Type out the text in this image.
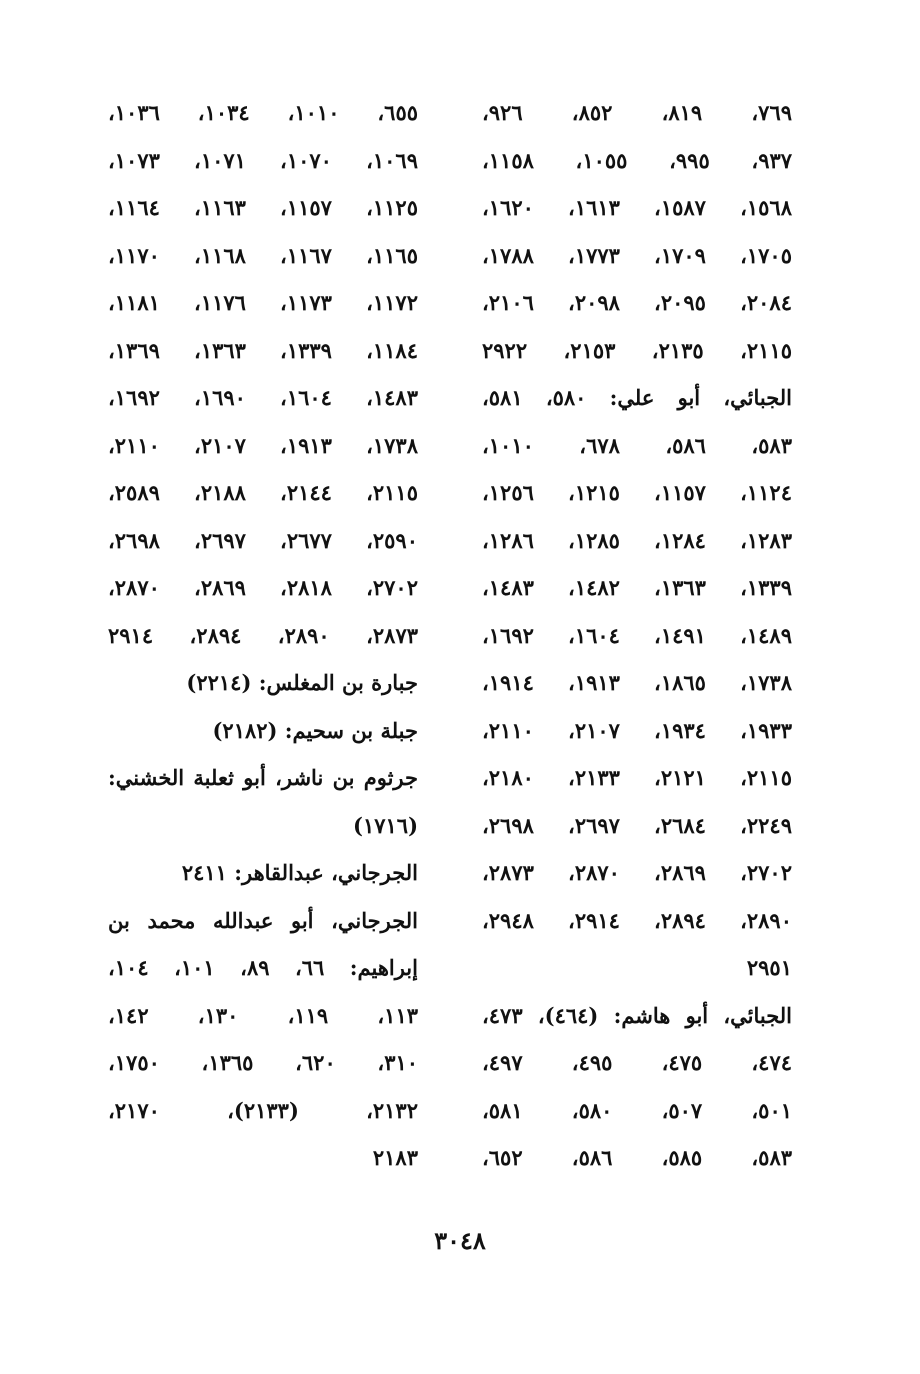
٧٦٩، ٨١٩، ٨٥٢، ٩٢٦،
٩٣٧، ٩٩٥، ١٠٥٥، ١١٥٨،
١٥٦٨، ١٥٨٧، ١٦١٣، ١٦٢٠،
١٧٠٥، ١٧٠٩، ١٧٧٣، ١٧٨٨،
٢٠٨٤، ٢٠٩٥، ٢٠٩٨، ٢١٠٦،
٢١١٥، ٢١٣٥، ٢١٥٣، ٢٩٢٢
الجبائي، أبو علي: ٥٨٠، ٥٨١،
٥٨٣، ٥٨٦، ٦٧٨، ١٠١٠،
١١٢٤، ١١٥٧، ١٢١٥، ١٢٥٦،
١٢٨٣، ١٢٨٤، ١٢٨٥، ١٢٨٦،
١٣٣٩، ١٣٦٣، ١٤٨٢، ١٤٨٣،
١٤٨٩، ١٤٩١، ١٦٠٤، ١٦٩٢،
١٧٣٨، ١٨٦٥، ١٩١٣، ١٩١٤،
١٩٣٣، ١٩٣٤، ٢١٠٧، ٢١١٠،
٢١١٥، ٢١٢١، ٢١٣٣، ٢١٨٠،
٢٢٤٩، ٢٦٨٤، ٢٦٩٧، ٢٦٩٨،
٢٧٠٢، ٢٨٦٩، ٢٨٧٠، ٢٨٧٣،
٢٨٩٠، ٢٨٩٤، ٢٩١٤، ٢٩٤٨،
٢٩٥١
الجبائي، أبو هاشم: (٤٦٤)، ٤٧٣،
٤٧٤، ٤٧٥، ٤٩٥، ٤٩٧،
٥٠١، ٥٠٧، ٥٨٠، ٥٨١،
٥٨٣، ٥٨٥، ٥٨٦، ٦٥٢،
٦٥٥، ١٠١٠، ١٠٣٤، ١٠٣٦،
١٠٦٩، ١٠٧٠، ١٠٧١، ١٠٧٣،
١١٢٥، ١١٥٧، ١١٦٣، ١١٦٤،
١١٦٥، ١١٦٧، ١١٦٨، ١١٧٠،
١١٧٢، ١١٧٣، ١١٧٦، ١١٨١،
١١٨٤، ١٣٣٩، ١٣٦٣، ١٣٦٩،
١٤٨٣، ١٦٠٤، ١٦٩٠، ١٦٩٢،
١٧٣٨، ١٩١٣، ٢١٠٧، ٢١١٠،
٢١١٥، ٢١٤٤، ٢١٨٨، ٢٥٨٩،
٢٥٩٠، ٢٦٧٧، ٢٦٩٧، ٢٦٩٨،
٢٧٠٢، ٢٨١٨، ٢٨٦٩، ٢٨٧٠،
٢٨٧٣، ٢٨٩٠، ٢٨٩٤، ٢٩١٤
جبارة بن المغلس: (٢٢١٤)
جبلة بن سحيم: (٢١٨٢)
جرثوم بن ناشر، أبو ثعلبة الخشني:
(١٧١٦)
الجرجاني، عبدالقاهر: ٢٤١١
الجرجاني، أبو عبدالله محمد بن
إبراهيم: ٦٦، ٨٩، ١٠١، ١٠٤،
١١٣، ١١٩، ١٣٠، ١٤٢،
٣١٠، ٦٢٠، ١٣٦٥، ١٧٥٠،
٢١٣٢، (٢١٣٣)، ٢١٧٠،
٢١٨٣
٣٠٤٨
